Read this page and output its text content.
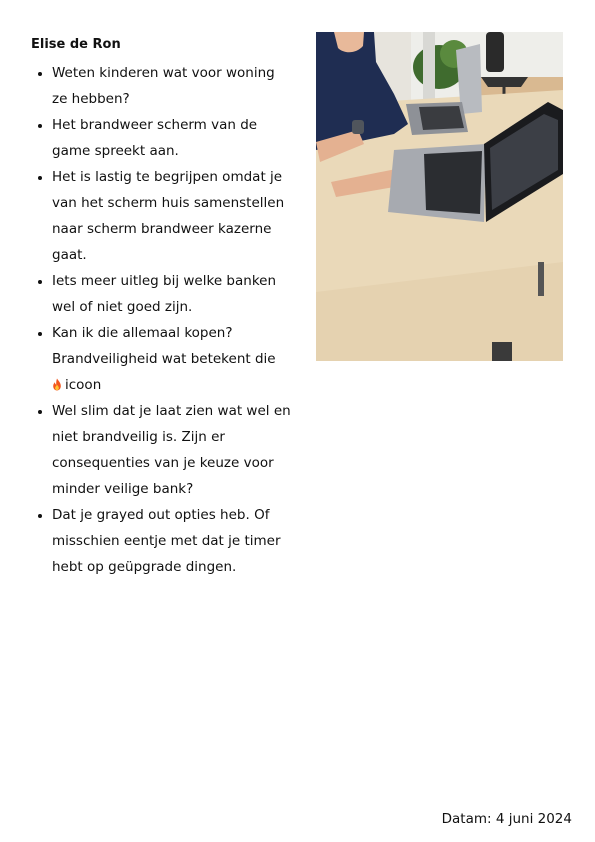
Elise de Ron
• Weten kinderen wat voor woning ze hebben?
• Het brandweer scherm van de game spreekt aan.
• Het is lastig te begrijpen omdat je van het scherm huis samenstellen naar scherm brandweer kazerne gaat.
• Iets meer uitleg bij welke banken wel of niet goed zijn.
• Kan ik die allemaal kopen? Brandveiligheid wat betekent die
icoon
• Wel slim dat je laat zien wat wel en niet brandveilig is. Zijn er consequenties van je keuze voor minder veilige bank?
• Dat je grayed out opties heb. Of misschien eentje met dat je timer hebt op geüpgrade dingen.
Datam: 4 juni 2024
